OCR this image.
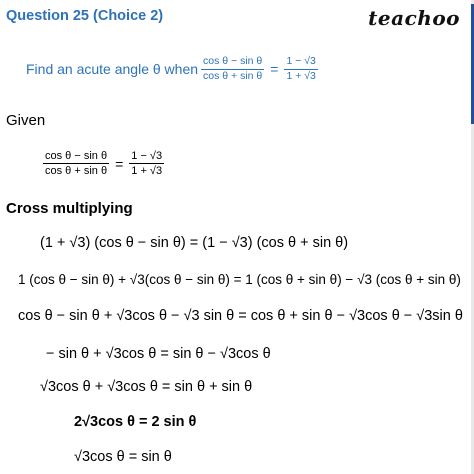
Question 25 (Choice 2)	teachoo
Find an acute angle θ when $\frac{\text{cos θ − sin θ}}{\text{cos θ + sin θ}} = \frac{1 - √3}{1 + √3}$
Given
$\frac{\text{cos θ − sin θ}}{\text{cos θ + sin θ}} = \frac{1 - √3}{1 + √3}$
Cross multiplying
(1 + √3) (cos θ − sin θ) = (1 − √3) (cos θ + sin θ)
1 (cos θ − sin θ) + √3(cos θ − sin θ) = 1 (cos θ + sin θ) − √3 (cos θ + sin θ)
cos θ − sin θ + √3cos θ − √3 sin θ = cos θ + sin θ − √3cos θ − √3sin θ
− sin θ + √3cos θ = sin θ − √3cos θ
√3cos θ + √3cos θ = sin θ + sin θ
2√3cos θ = 2 sin θ
√3cos θ = sin θ
